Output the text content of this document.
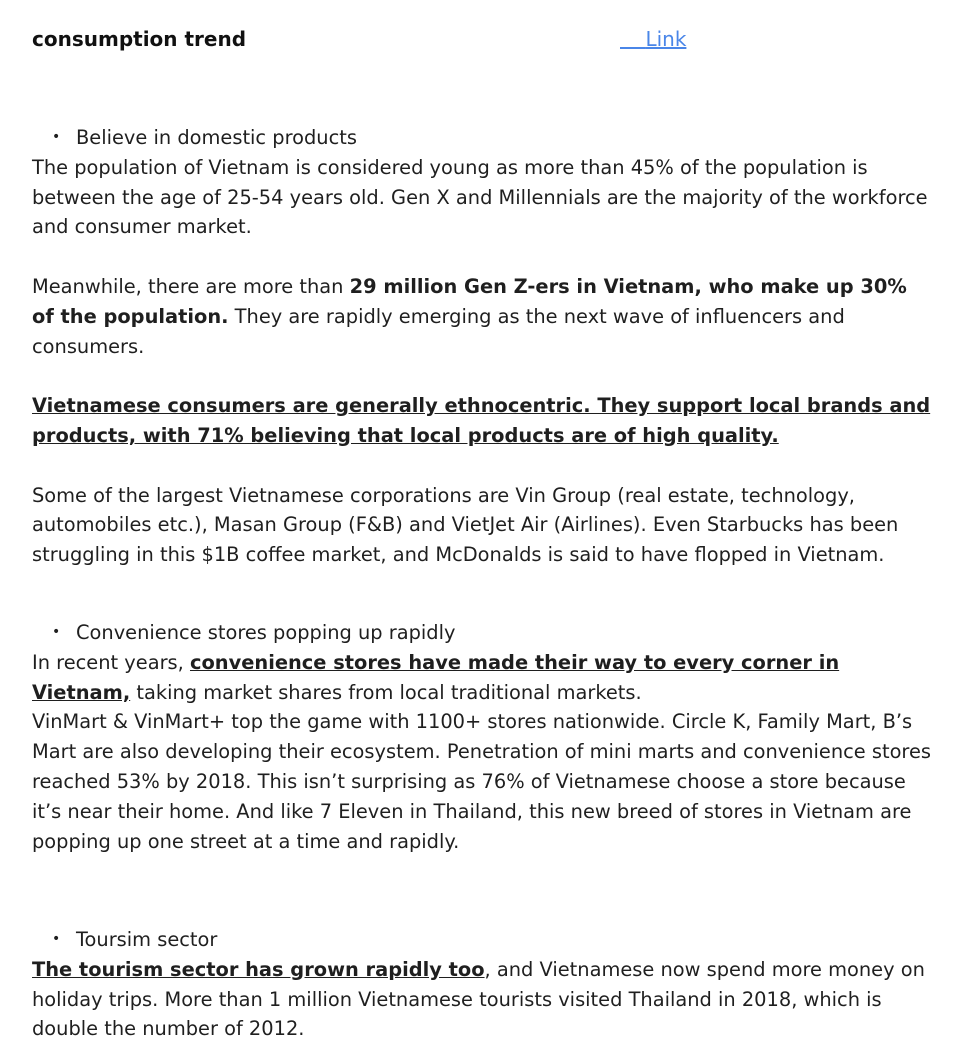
consumption trend	Link

• Believe in domestic products

The population of Vietnam is considered young as more than 45% of the population is between the age of 25-54 years old. Gen X and Millennials are the majority of the workforce and consumer market.

Meanwhile, there are more than 29 million Gen Z-ers in Vietnam, who make up 30% of the population. They are rapidly emerging as the next wave of influencers and consumers.

Vietnamese consumers are generally ethnocentric. They support local brands and products, with 71% believing that local products are of high quality.

Some of the largest Vietnamese corporations are Vin Group (real estate, technology, automobiles etc.), Masan Group (F&B) and VietJet Air (Airlines). Even Starbucks has been struggling in this $1B coffee market, and McDonalds is said to have flopped in Vietnam.

• Convenience stores popping up rapidly

In recent years, convenience stores have made their way to every corner in Vietnam, taking market shares from local traditional markets.

VinMart & VinMart+ top the game with 1100+ stores nationwide. Circle K, Family Mart, B’s Mart are also developing their ecosystem. Penetration of mini marts and convenience stores reached 53% by 2018. This isn’t surprising as 76% of Vietnamese choose a store because it’s near their home. And like 7 Eleven in Thailand, this new breed of stores in Vietnam are popping up one street at a time and rapidly.

• Toursim sector

The tourism sector has grown rapidly too, and Vietnamese now spend more money on holiday trips. More than 1 million Vietnamese tourists visited Thailand in 2018, which is double the number of 2012.
